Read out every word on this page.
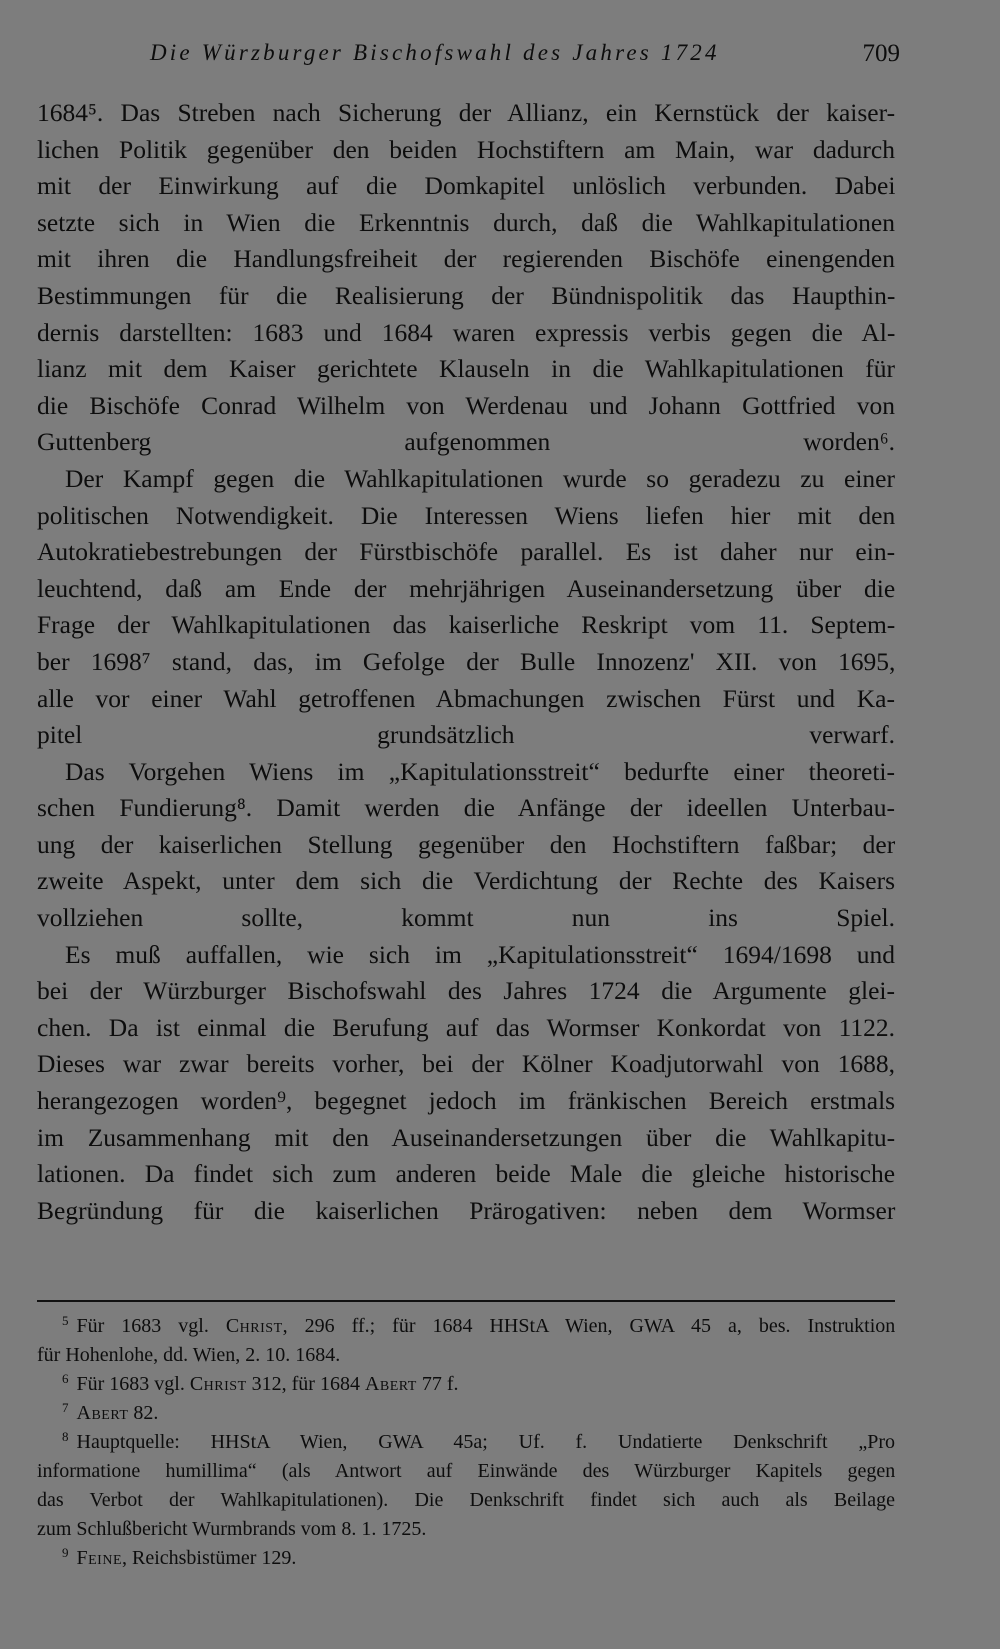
Die Würzburger Bischofswahl des Jahres 1724	709
1684⁵. Das Streben nach Sicherung der Allianz, ein Kernstück der kaiser-
lichen Politik gegenüber den beiden Hochstiftern am Main, war dadurch
mit der Einwirkung auf die Domkapitel unlöslich verbunden. Dabei
setzte sich in Wien die Erkenntnis durch, daß die Wahlkapitulationen
mit ihren die Handlungsfreiheit der regierenden Bischöfe einengenden
Bestimmungen für die Realisierung der Bündnispolitik das Haupthin-
dernis darstellten: 1683 und 1684 waren expressis verbis gegen die Al-
lianz mit dem Kaiser gerichtete Klauseln in die Wahlkapitulationen für
die Bischöfe Conrad Wilhelm von Werdenau und Johann Gottfried von
Guttenberg aufgenommen worden⁶.
Der Kampf gegen die Wahlkapitulationen wurde so geradezu zu einer
politischen Notwendigkeit. Die Interessen Wiens liefen hier mit den
Autokratiebestrebungen der Fürstbischöfe parallel. Es ist daher nur ein-
leuchtend, daß am Ende der mehrjährigen Auseinandersetzung über die
Frage der Wahlkapitulationen das kaiserliche Reskript vom 11. Septem-
ber 1698⁷ stand, das, im Gefolge der Bulle Innozenz' XII. von 1695,
alle vor einer Wahl getroffenen Abmachungen zwischen Fürst und Ka-
pitel grundsätzlich verwarf.
Das Vorgehen Wiens im „Kapitulationsstreit“ bedurfte einer theoreti-
schen Fundierung⁸. Damit werden die Anfänge der ideellen Unterbau-
ung der kaiserlichen Stellung gegenüber den Hochstiftern faßbar; der
zweite Aspekt, unter dem sich die Verdichtung der Rechte des Kaisers
vollziehen sollte, kommt nun ins Spiel.
Es muß auffallen, wie sich im „Kapitulationsstreit“ 1694/1698 und
bei der Würzburger Bischofswahl des Jahres 1724 die Argumente glei-
chen. Da ist einmal die Berufung auf das Wormser Konkordat von 1122.
Dieses war zwar bereits vorher, bei der Kölner Koadjutorwahl von 1688,
herangezogen worden⁹, begegnet jedoch im fränkischen Bereich erstmals
im Zusammenhang mit den Auseinandersetzungen über die Wahlkapitu-
lationen. Da findet sich zum anderen beide Male die gleiche historische
Begründung für die kaiserlichen Prärogativen: neben dem Wormser
$^5$ Für 1683 vgl. Christ, 296 ff.; für 1684 HHStA Wien, GWA 45 a, bes. Instruktion
für Hohenlohe, dd. Wien, 2. 10. 1684.
$^6$ Für 1683 vgl. Christ 312, für 1684 Abert 77 f.
$^7$ Abert 82.
$^8$ Hauptquelle: HHStA Wien, GWA 45a; Uf. f. Undatierte Denkschrift „Pro
informatione humillima“ (als Antwort auf Einwände des Würzburger Kapitels gegen
das Verbot der Wahlkapitulationen). Die Denkschrift findet sich auch als Beilage
zum Schlußbericht Wurmbrands vom 8. 1. 1725.
$^9$ Feine, Reichsbistümer 129.
